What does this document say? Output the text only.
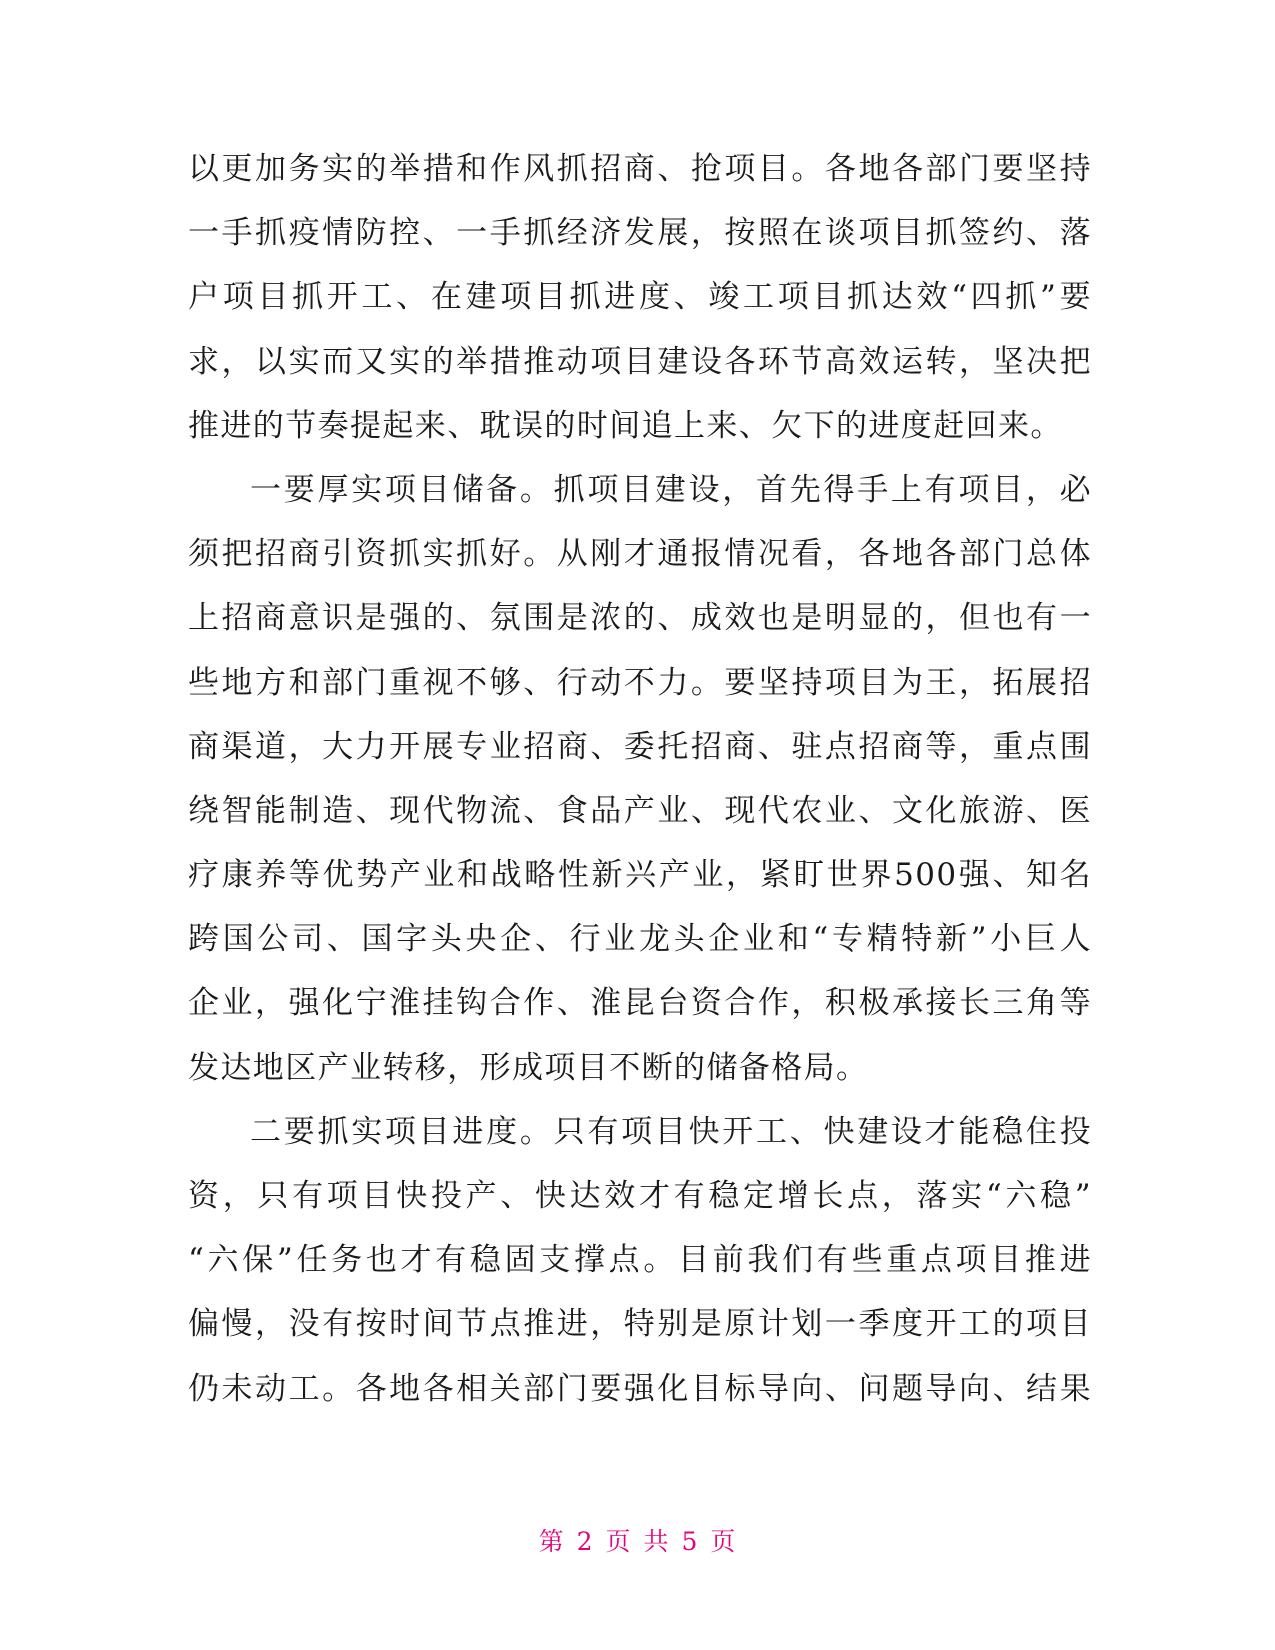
以更加务实的举措和作风抓招商、抢项目。各地各部门要坚持
一手抓疫情防控、一手抓经济发展，按照在谈项目抓签约、落
户项目抓开工、在建项目抓进度、竣工项目抓达效“四抓”要
求，以实而又实的举措推动项目建设各环节高效运转，坚决把
推进的节奏提起来、耽误的时间追上来、欠下的进度赶回来。
一要厚实项目储备。抓项目建设，首先得手上有项目，必
须把招商引资抓实抓好。从刚才通报情况看，各地各部门总体
上招商意识是强的、氛围是浓的、成效也是明显的，但也有一
些地方和部门重视不够、行动不力。要坚持项目为王，拓展招
商渠道，大力开展专业招商、委托招商、驻点招商等，重点围
绕智能制造、现代物流、食品产业、现代农业、文化旅游、医
疗康养等优势产业和战略性新兴产业，紧盯世界500强、知名
跨国公司、国字头央企、行业龙头企业和“专精特新”小巨人
企业，强化宁淮挂钩合作、淮昆台资合作，积极承接长三角等
发达地区产业转移，形成项目不断的储备格局。
二要抓实项目进度。只有项目快开工、快建设才能稳住投
资，只有项目快投产、快达效才有稳定增长点，落实“六稳”
“六保”任务也才有稳固支撑点。目前我们有些重点项目推进
偏慢，没有按时间节点推进，特别是原计划一季度开工的项目
仍未动工。各地各相关部门要强化目标导向、问题导向、结果
第 2 页 共 5 页
